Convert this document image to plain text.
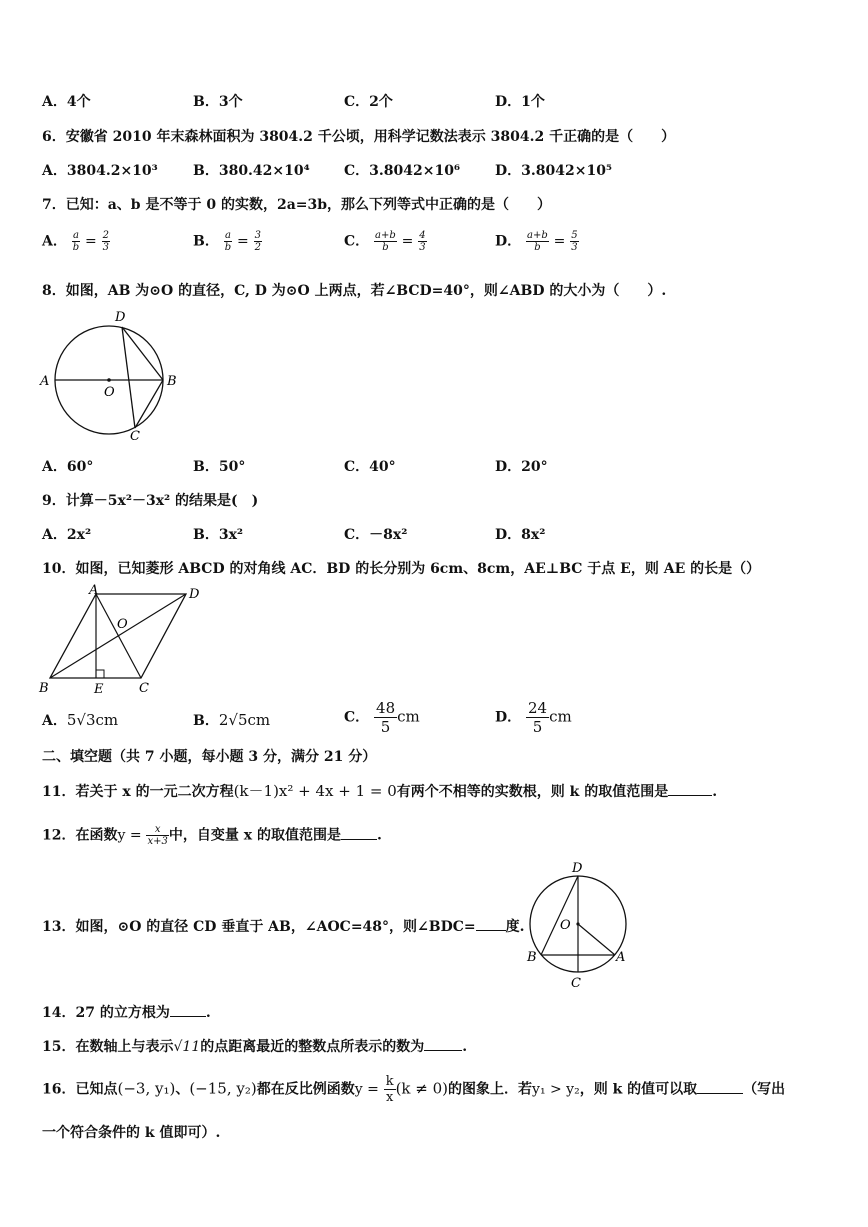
A．4个	B．3个	C．2个	D．1个
6．安徽省 2010 年末森林面积为 3804.2 千公顷，用科学记数法表示 3804.2 千正确的是（　　）
A．3804.2×10³	B．380.42×10⁴ C．3.8042×10⁶ D．3.8042×10⁵
7．已知：a、b 是不等于 0 的实数，2a=3b，那么下列等式中正确的是（　　）
A． $\frac{a}{b} = \frac{2}{3}$	B． $\frac{a}{b} = \frac{3}{2}$	C． $\frac{a+b}{b} = \frac{4}{3}$	D． $\frac{a+b}{b} = \frac{5}{3}$
8．如图，AB 为⊙O 的直径，C, D 为⊙O 上两点，若∠BCD=40°，则∠ABD 的大小为（　　）.
A	B
C
D
O
A．60°	B．50°	C．40°	D．20°
9．计算－5x²－3x² 的结果是(　)
A．2x²	B．3x²	C．－8x²	D．8x²
10．如图，已知菱形 ABCD 的对角线 AC．BD 的长分别为 6cm、8cm，AE⊥BC 于点 E，则 AE 的长是（）
A	D
B	C
E
O
A．5√3cm	B．2√5cm	C． $\frac{48}{5}$ cm	D． $\frac{24}{5}$ cm
二、填空题（共 7 小题，每小题 3 分，满分 21 分）
11．若关于 x 的一元二次方程(k－1)x² + 4x + 1 = 0有两个不相等的实数根，则 k 的取值范围是	.
12．在函数$y = \frac{x}{x+3}$ 中，自变量 x 的取值范围是	.
13．如图，⊙O 的直径 CD 垂直于 AB，∠AOC=48°，则∠BDC= 度.
D
O
B	A
C
14．27 的立方根为	.
15．在数轴上与表示√11的点距离最近的整数点所表示的数为	.
16．已知点(−3, y₁)、(−15, y₂)都在反比例函数$y = \frac{k}{x} (k \ne 0)$的图象上．若y₁ > y₂，则 k 的值可以取	（写出
一个符合条件的 k 值即可）.
